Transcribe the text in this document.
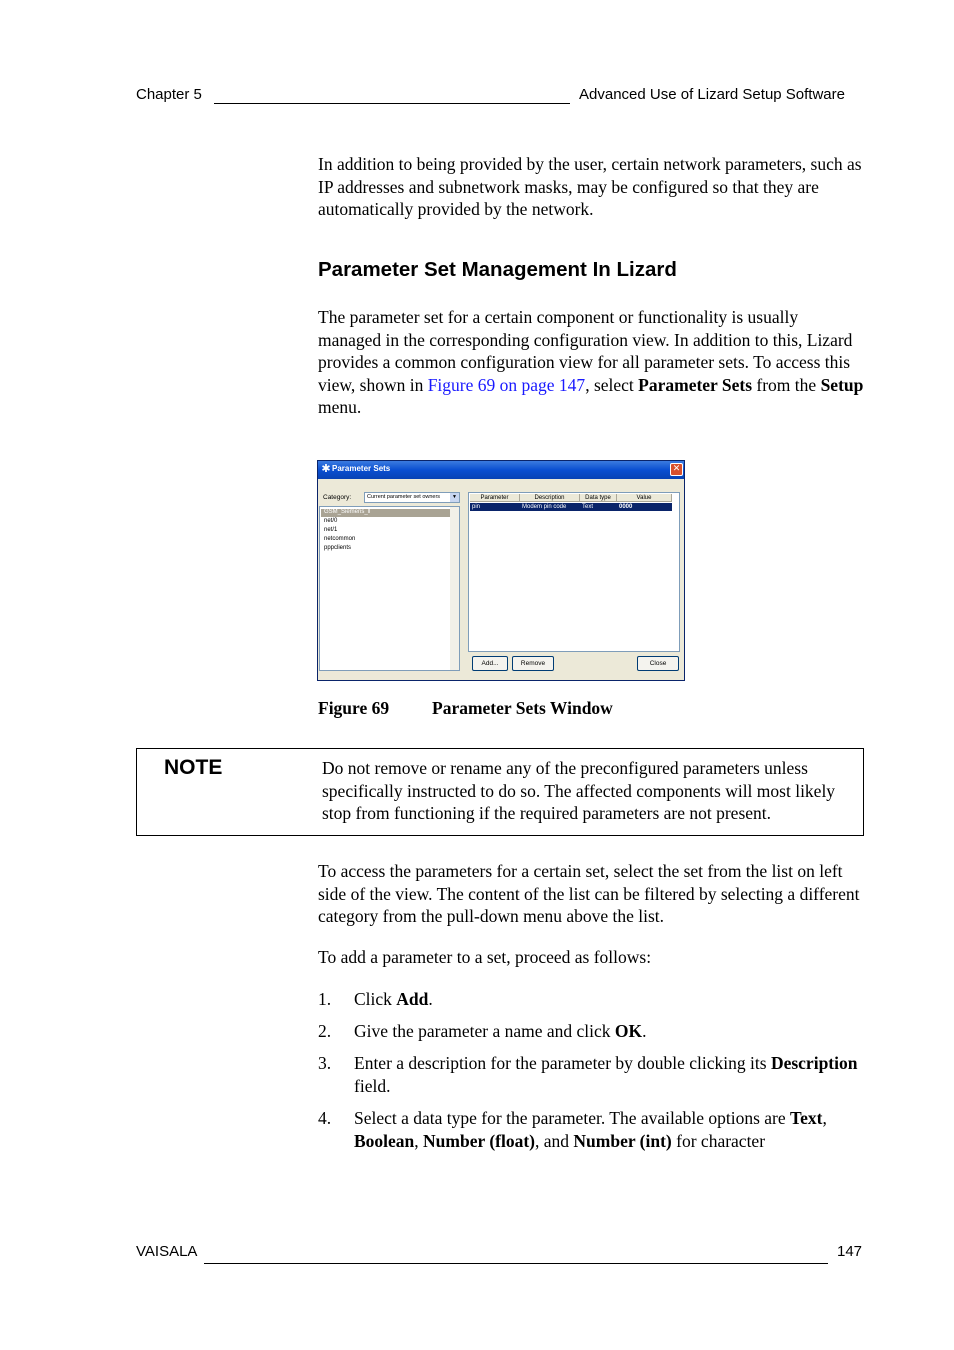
Chapter 5	Advanced Use of Lizard Setup Software
In addition to being provided by the user, certain network parameters, such as IP addresses and subnetwork masks, may be configured so that they are automatically provided by the network.
Parameter Set Management In Lizard
The parameter set for a certain component or functionality is usually managed in the corresponding configuration view. In addition to this, Lizard provides a common configuration view for all parameter sets. To access this view, shown in Figure 69 on page 147, select Parameter Sets from the Setup menu.
✱ Parameter Sets	✕
Category:	Current parameter set owners	▼
GSM_Siemens_ll
net/0
net/1
netcommon
pppclients
Parameter	Description	Data type	Value
pin	Modem pin code	Text	0000
Add...	Remove	Close
Figure 69 Parameter Sets Window
NOTE	Do not remove or rename any of the preconfigured parameters unless specifically instructed to do so. The affected components will most likely stop from functioning if the required parameters are not present.
To access the parameters for a certain set, select the set from the list on left side of the view. The content of the list can be filtered by selecting a different category from the pull-down menu above the list.
To add a parameter to a set, proceed as follows:
1. Click Add.
2. Give the parameter a name and click OK.
3. Enter a description for the parameter by double clicking its Description field.
4. Select a data type for the parameter. The available options are Text, Boolean, Number (float), and Number (int) for character
VAISALA	147
